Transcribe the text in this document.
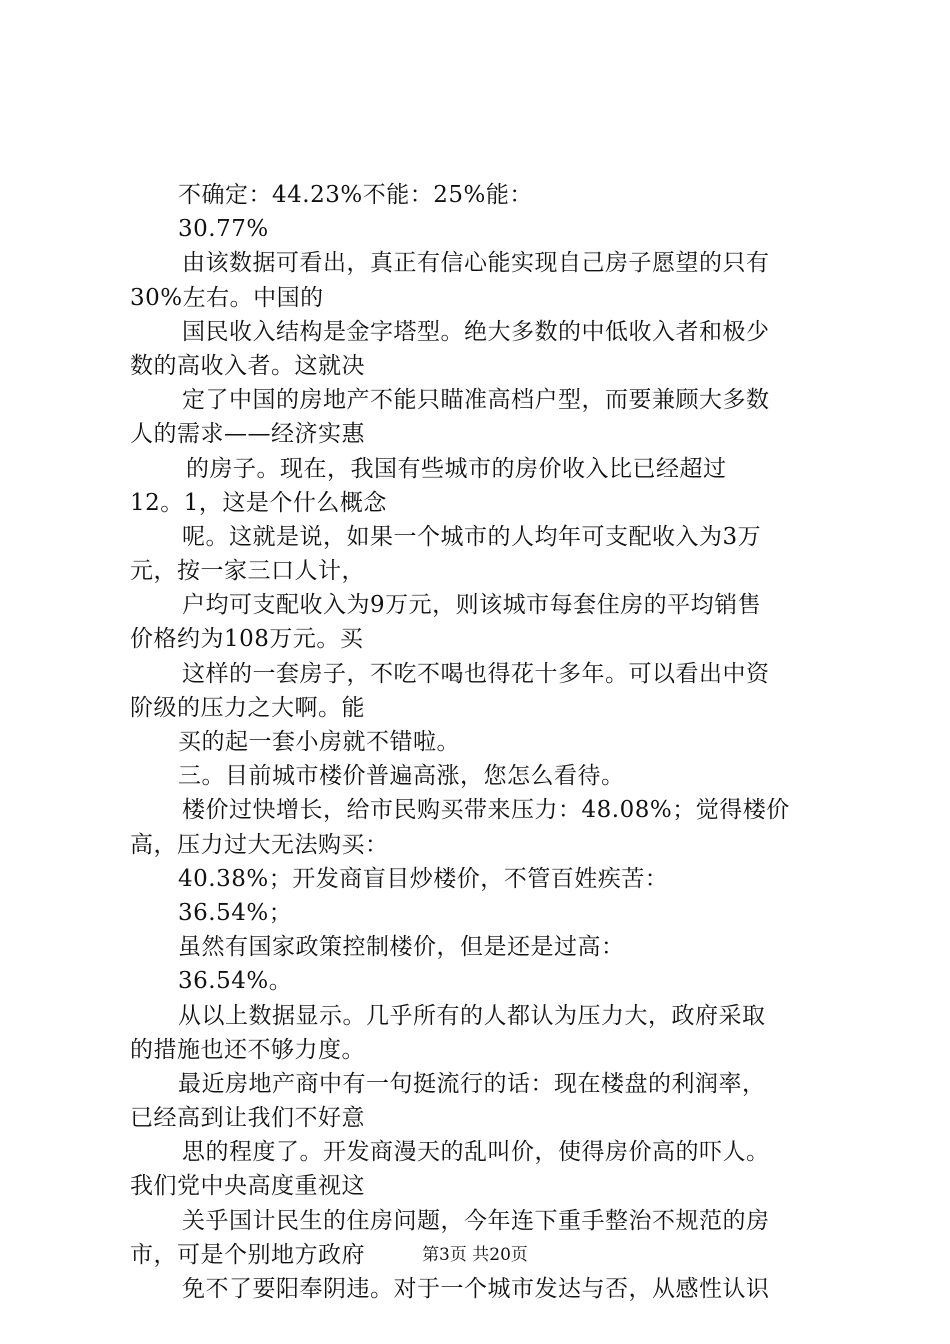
不确定：44.23%不能：25%能：
30.77%
由该数据可看出，真正有信心能实现自己房子愿望的只有
30%左右。中国的
国民收入结构是金字塔型。绝大多数的中低收入者和极少
数的高收入者。这就决
定了中国的房地产不能只瞄准高档户型，而要兼顾大多数
人的需求——经济实惠
的房子。现在，我国有些城市的房价收入比已经超过
12。1，这是个什么概念
呢。这就是说，如果一个城市的人均年可支配收入为3万
元，按一家三口人计，
户均可支配收入为9万元，则该城市每套住房的平均销售
价格约为108万元。买
这样的一套房子，不吃不喝也得花十多年。可以看出中资
阶级的压力之大啊。能
买的起一套小房就不错啦。
三。目前城市楼价普遍高涨，您怎么看待。
楼价过快增长，给市民购买带来压力：48.08%；觉得楼价
高，压力过大无法购买：
40.38%；开发商盲目炒楼价，不管百姓疾苦：
36.54%；
虽然有国家政策控制楼价，但是还是过高：
36.54%。
从以上数据显示。几乎所有的人都认为压力大，政府采取
的措施也还不够力度。
最近房地产商中有一句挺流行的话：现在楼盘的利润率，
已经高到让我们不好意
思的程度了。开发商漫天的乱叫价，使得房价高的吓人。
我们党中央高度重视这
关乎国计民生的住房问题，今年连下重手整治不规范的房
市，可是个别地方政府
免不了要阳奉阴违。对于一个城市发达与否，从感性认识
第3页 共20页
